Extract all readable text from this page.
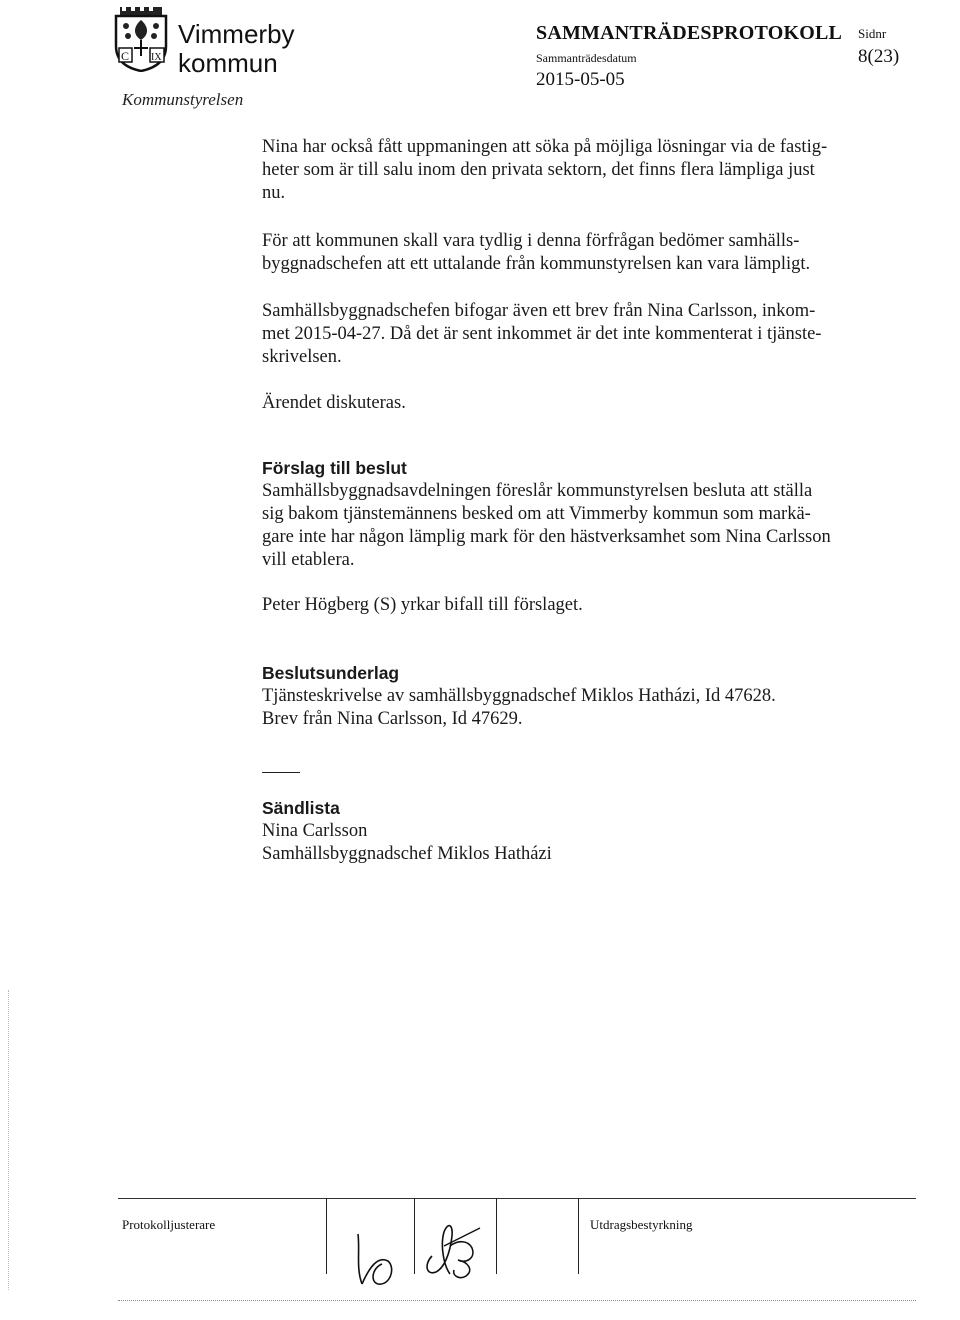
C IX
Vimmerby
kommun
Kommunstyrelsen
SAMMANTRÄDESPROTOKOLL
Sammanträdesdatum
2015-05-05
Sidnr
8(23)

Nina har också fått uppmaningen att söka på möjliga lösningar via de fastig-

heter som är till salu inom den privata sektorn, det finns flera lämpliga just

nu.

För att kommunen skall vara tydlig i denna förfrågan bedömer samhälls-

byggnadschefen att ett uttalande från kommunstyrelsen kan vara lämpligt.

Samhällsbyggnadschefen bifogar även ett brev från Nina Carlsson, inkom-

met 2015-04-27. Då det är sent inkommet är det inte kommenterat i tjänste-

skrivelsen.

Ärendet diskuteras.
Förslag till beslut

Samhällsbyggnadsavdelningen föreslår kommunstyrelsen besluta att ställa

sig bakom tjänstemännens besked om att Vimmerby kommun som markä-

gare inte har någon lämplig mark för den hästverksamhet som Nina Carlsson

vill etablera.

Peter Högberg (S) yrkar bifall till förslaget.
Beslutsunderlag

Tjänsteskrivelse av samhällsbyggnadschef Miklos Hatházi, Id 47628.

Brev från Nina Carlsson, Id 47629.

Sändlista

Nina Carlsson

Samhällsbyggnadschef Miklos Hatházi

Protokolljusterare	Utdragsbestyrkning
